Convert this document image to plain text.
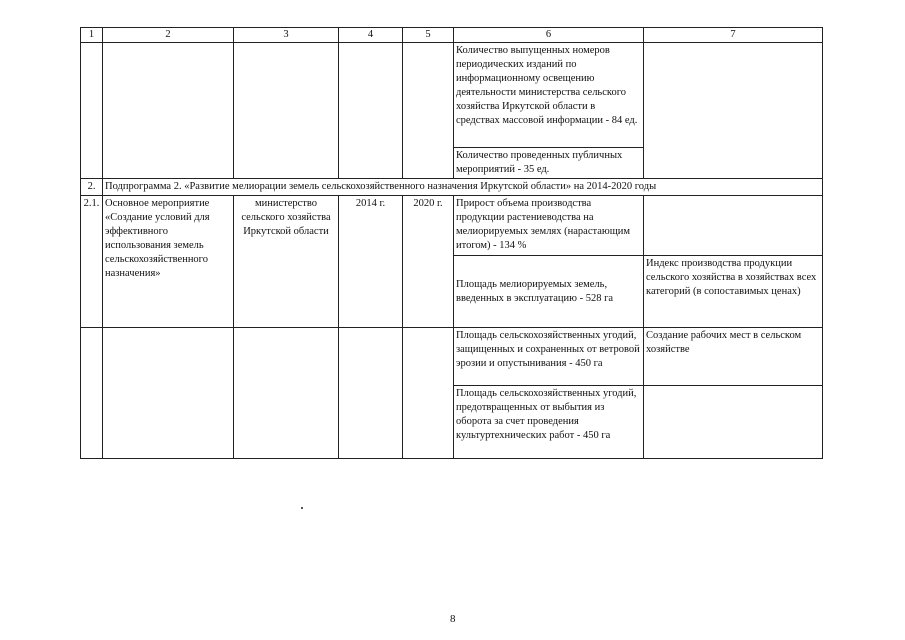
1	2	3	4	5	6	7
					Количество выпущенных номеров периодических изданий по информационному освещению деятельности министерства сельского хозяйства Иркутской области в средствах массовой информации - 84 ед.	
					Количество проведенных публичных мероприятий - 35 ед.	
2.	Подпрограмма 2. «Развитие мелиорации земель сельскохозяйственного назначения Иркутской области» на 2014-2020 годы					
2.1.	Основное мероприятие «Создание условий для эффективного использования земель сельскохозяйственного назначения»	министерство сельского хозяйства Иркутской области	2014 г.	2020 г.	Прирост объема производства продукции растениеводства на мелиорируемых землях (нарастающим итогом) - 134 %	
					Площадь мелиорируемых земель, введенных в эксплуатацию - 528 га	Индекс производства продукции сельского хозяйства в хозяйствах всех категорий (в сопоставимых ценах)
					Площадь сельскохозяйственных угодий, защищенных и сохраненных от ветровой эрозии и опустынивания - 450 га	Создание рабочих мест в сельском хозяйстве
					Площадь сельскохозяйственных угодий, предотвращенных от выбытия из оборота за счет проведения культуртехнических работ - 450 га	
8
